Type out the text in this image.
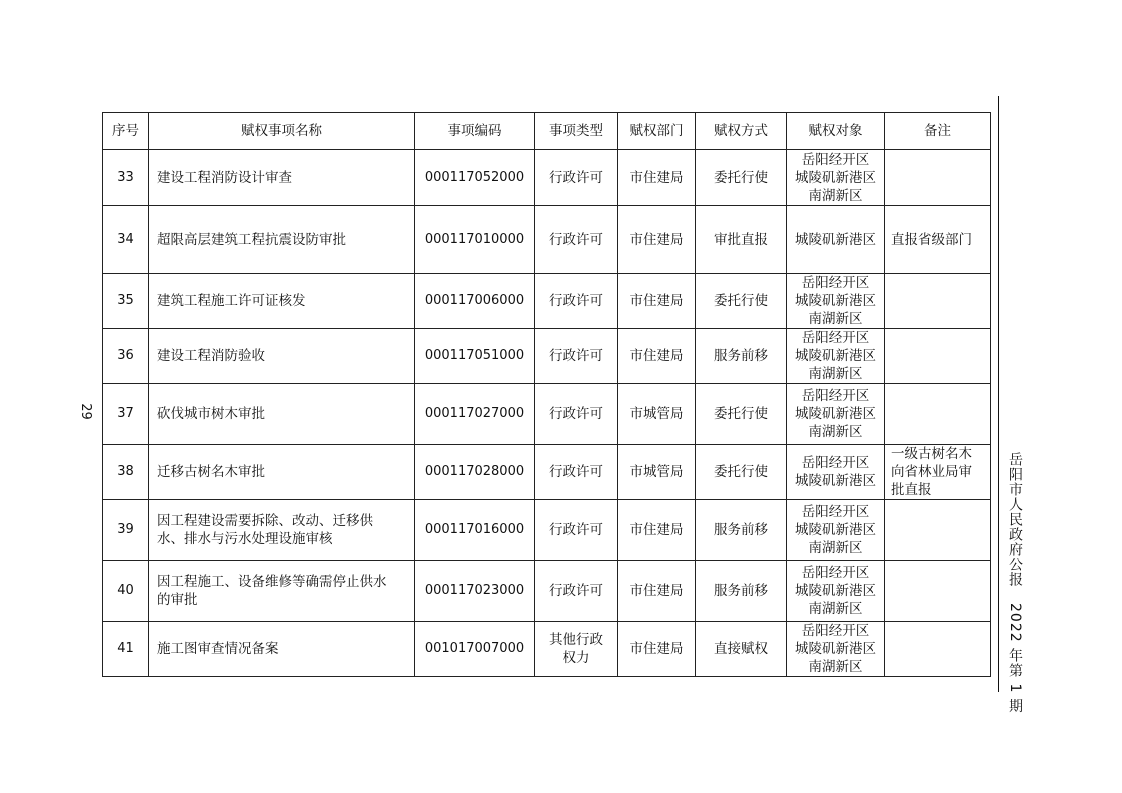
29
序号	赋权事项名称	事项编码	事项类型	赋权部门	赋权方式	赋权对象	备注
33	建设工程消防设计审查	000117052000	行政许可	市住建局	委托行使	岳阳经开区
城陵矶新港区
南湖新区	

34	超限高层建筑工程抗震设防审批	000117010000	行政许可	市住建局	审批直报	城陵矶新港区	直报省级部门

35	建筑工程施工许可证核发	000117006000	行政许可	市住建局	委托行使	岳阳经开区
城陵矶新港区
南湖新区	

36	建设工程消防验收	000117051000	行政许可	市住建局	服务前移	岳阳经开区
城陵矶新港区
南湖新区	

37	砍伐城市树木审批	000117027000	行政许可	市城管局	委托行使	岳阳经开区
城陵矶新港区
南湖新区	

38	迁移古树名木审批	000117028000	行政许可	市城管局	委托行使	岳阳经开区
城陵矶新港区	一级古树名木
向省林业局审
批直报

39	因工程建设需要拆除、改动、迁移供
水、排水与污水处理设施审核	000117016000	行政许可	市住建局	服务前移	岳阳经开区
城陵矶新港区
南湖新区	

40	因工程施工、设备维修等确需停止供水
的审批	000117023000	行政许可	市住建局	服务前移	岳阳经开区
城陵矶新港区
南湖新区	

41	施工图审查情况备案	001017007000	其他行政
权力	市住建局	直接赋权	岳阳经开区
城陵矶新港区
南湖新区	

岳阳市人民政府公报2022 年第 1 期
